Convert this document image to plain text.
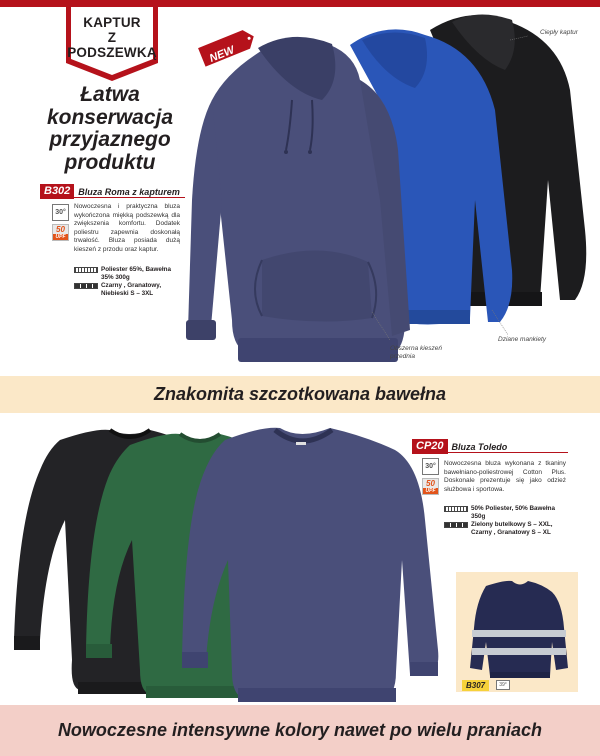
KAPTUR
Z PODSZEWKĄ
Łatwa
konserwacja
przyjaznego
produktu
NEW
Ciepły kaptur
Obszerna kieszeń przednia
Dziane mankiety
B302 Bluza Roma z kapturem
30°
50
UPF
Nowoczesna i praktyczna bluza wykończona miękką podszewką dla zwiększenia komfortu. Dodatek poliestru zapewnia doskonałą trwałość. Bluza posiada dużą kieszeń z przodu oraz kaptur.
Poliester 65%, Bawełna 35% 300g
Czarny , Granatowy, Niebieski S – 3XL
Znakomita szczotkowana bawełna
CP20 Bluza Toledo
30°
50
UPF
Nowoczesna bluza wykonana z tkaniny bawełniano-poliestrowej Cotton Plus. Doskonale prezentuje się jako odzież służbowa i sportowa.
50% Poliester, 50% Bawełna 350g
Zielony butelkowy S – XXL, Czarny , Granatowy S – XL
B307	39°
Nowoczesne intensywne kolory nawet po wielu praniach
